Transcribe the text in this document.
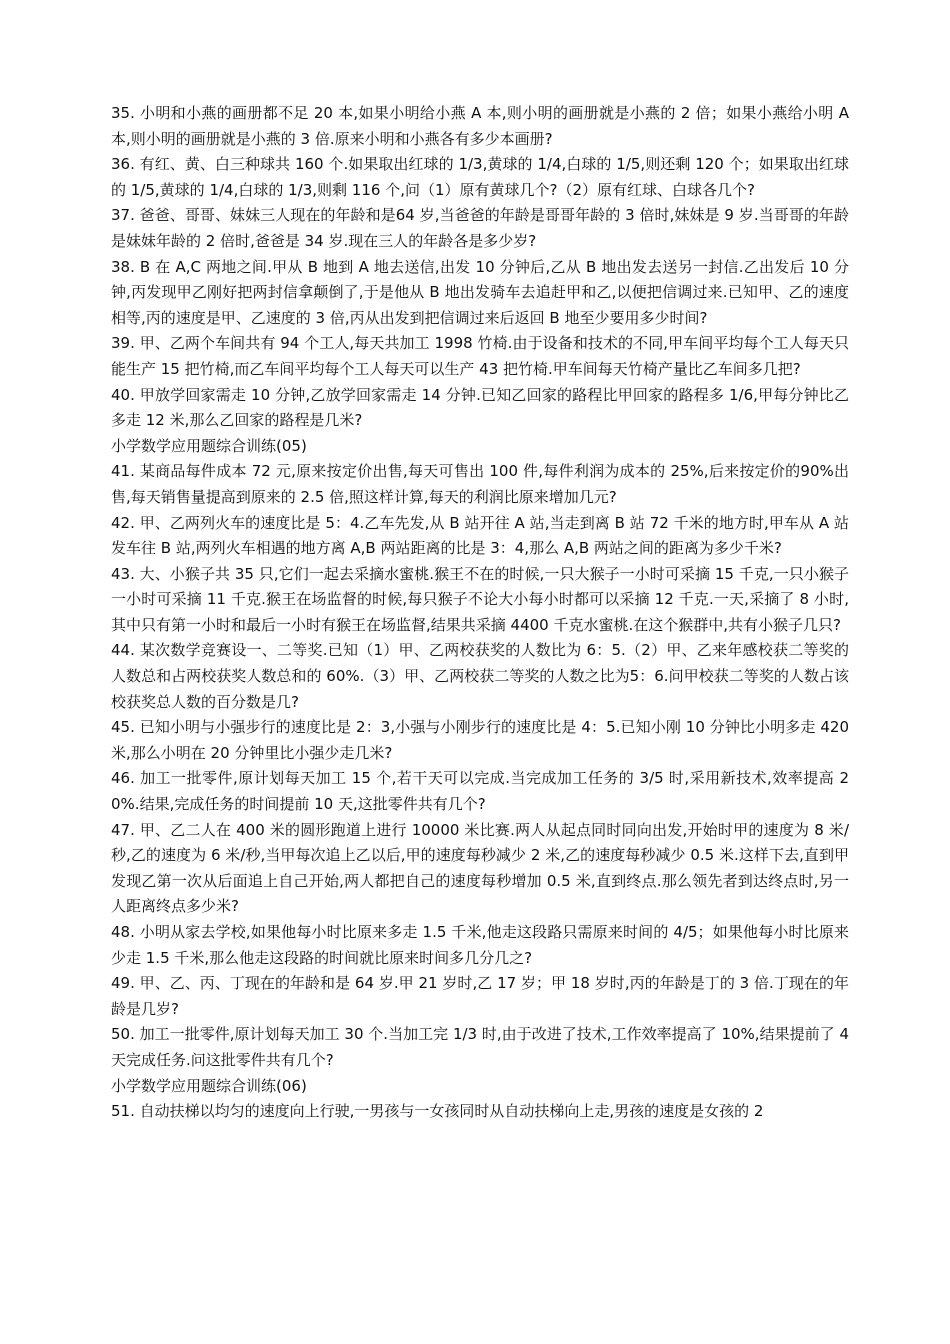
35. 小明和小燕的画册都不足 20 本,如果小明给小燕 A 本,则小明的画册就是小燕的 2 倍；如果小燕给小明 A 本,则小明的画册就是小燕的 3 倍.原来小明和小燕各有多少本画册?

36. 有红、黄、白三种球共 160 个.如果取出红球的 1/3,黄球的 1/4,白球的 1/5,则还剩 120 个；如果取出红球的 1/5,黄球的 1/4,白球的 1/3,则剩 116 个,问（1）原有黄球几个?（2）原有红球、白球各几个?

37. 爸爸、哥哥、妹妹三人现在的年龄和是64 岁,当爸爸的年龄是哥哥年龄的 3 倍时,妹妹是 9 岁.当哥哥的年龄是妹妹年龄的 2 倍时,爸爸是 34 岁.现在三人的年龄各是多少岁?

38. B 在 A,C 两地之间.甲从 B 地到 A 地去送信,出发 10 分钟后,乙从 B 地出发去送另一封信.乙出发后 10 分钟,丙发现甲乙刚好把两封信拿颠倒了,于是他从 B 地出发骑车去追赶甲和乙,以便把信调过来.已知甲、乙的速度相等,丙的速度是甲、乙速度的 3 倍,丙从出发到把信调过来后返回 B 地至少要用多少时间?

39. 甲、乙两个车间共有 94 个工人,每天共加工 1998 竹椅.由于设备和技术的不同,甲车间平均每个工人每天只能生产 15 把竹椅,而乙车间平均每个工人每天可以生产 43 把竹椅.甲车间每天竹椅产量比乙车间多几把?

40. 甲放学回家需走 10 分钟,乙放学回家需走 14 分钟.已知乙回家的路程比甲回家的路程多 1/6,甲每分钟比乙多走 12 米,那么乙回家的路程是几米?

小学数学应用题综合训练(05)

41. 某商品每件成本 72 元,原来按定价出售,每天可售出 100 件,每件利润为成本的 25%,后来按定价的90%出售,每天销售量提高到原来的 2.5 倍,照这样计算,每天的利润比原来增加几元?

42. 甲、乙两列火车的速度比是 5：4.乙车先发,从 B 站开往 A 站,当走到离 B 站 72 千米的地方时,甲车从 A 站发车往 B 站,两列火车相遇的地方离 A,B 两站距离的比是 3：4,那么 A,B 两站之间的距离为多少千米?

43. 大、小猴子共 35 只,它们一起去采摘水蜜桃.猴王不在的时候,一只大猴子一小时可采摘 15 千克,一只小猴子一小时可采摘 11 千克.猴王在场监督的时候,每只猴子不论大小每小时都可以采摘 12 千克.一天,采摘了 8 小时,其中只有第一小时和最后一小时有猴王在场监督,结果共采摘 4400 千克水蜜桃.在这个猴群中,共有小猴子几只?

44. 某次数学竞赛设一、二等奖.已知（1）甲、乙两校获奖的人数比为 6：5.（2）甲、乙来年感校获二等奖的人数总和占两校获奖人数总和的 60%.（3）甲、乙两校获二等奖的人数之比为5：6.问甲校获二等奖的人数占该校获奖总人数的百分数是几?

45. 已知小明与小强步行的速度比是 2：3,小强与小刚步行的速度比是 4：5.已知小刚 10 分钟比小明多走 420 米,那么小明在 20 分钟里比小强少走几米?

46. 加工一批零件,原计划每天加工 15 个,若干天可以完成.当完成加工任务的 3/5 时,采用新技术,效率提高 20%.结果,完成任务的时间提前 10 天,这批零件共有几个?

47. 甲、乙二人在 400 米的圆形跑道上进行 10000 米比赛.两人从起点同时同向出发,开始时甲的速度为 8 米/秒,乙的速度为 6 米/秒,当甲每次追上乙以后,甲的速度每秒减少 2 米,乙的速度每秒减少 0.5 米.这样下去,直到甲发现乙第一次从后面追上自己开始,两人都把自己的速度每秒增加 0.5 米,直到终点.那么领先者到达终点时,另一人距离终点多少米?

48. 小明从家去学校,如果他每小时比原来多走 1.5 千米,他走这段路只需原来时间的 4/5；如果他每小时比原来少走 1.5 千米,那么他走这段路的时间就比原来时间多几分几之?

49. 甲、乙、丙、丁现在的年龄和是 64 岁.甲 21 岁时,乙 17 岁；甲 18 岁时,丙的年龄是丁的 3 倍.丁现在的年龄是几岁?

50. 加工一批零件,原计划每天加工 30 个.当加工完 1/3 时,由于改进了技术,工作效率提高了 10%,结果提前了 4 天完成任务.问这批零件共有几个?

小学数学应用题综合训练(06)

51. 自动扶梯以均匀的速度向上行驶,一男孩与一女孩同时从自动扶梯向上走,男孩的速度是女孩的 2
